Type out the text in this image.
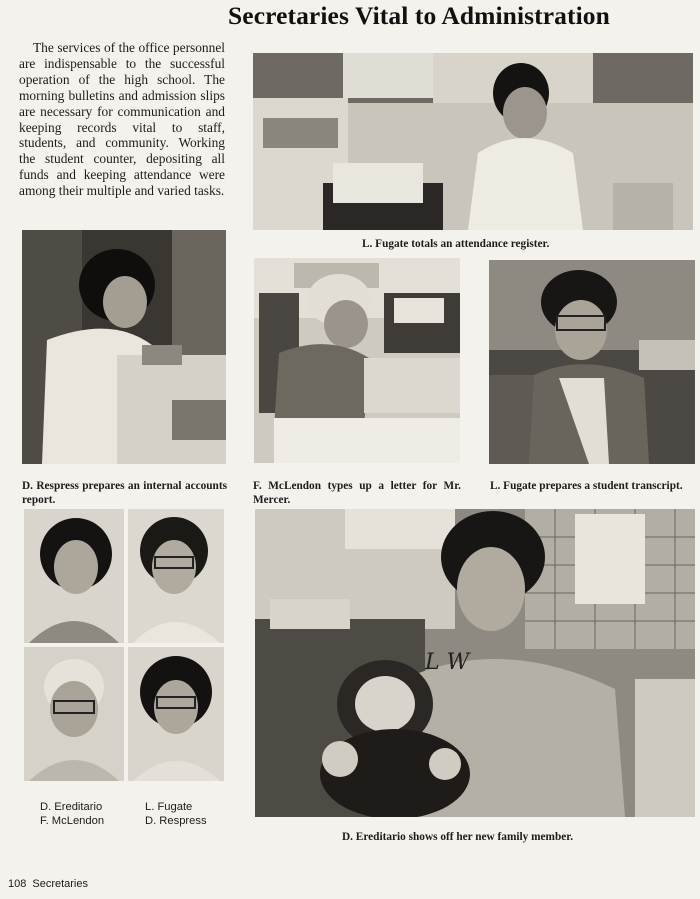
Secretaries Vital to Administration
The services of the office personnel are indispensable to the successful operation of the high school. The morning bulletins and admission slips are necessary for communication and keeping records vital to staff, students, and community. Working the student counter, depositing all funds and keeping attendance were among their multiple and varied tasks.
L. Fugate totals an attendance register.
D. Respress prepares an internal accounts report.
F. McLendon types up a letter for Mr. Mercer.
L. Fugate prepares a student transcript.
D. Ereditario
F. McLendon
L. Fugate
D. Respress
L W
D. Ereditario shows off her new family member.
108 Secretaries
